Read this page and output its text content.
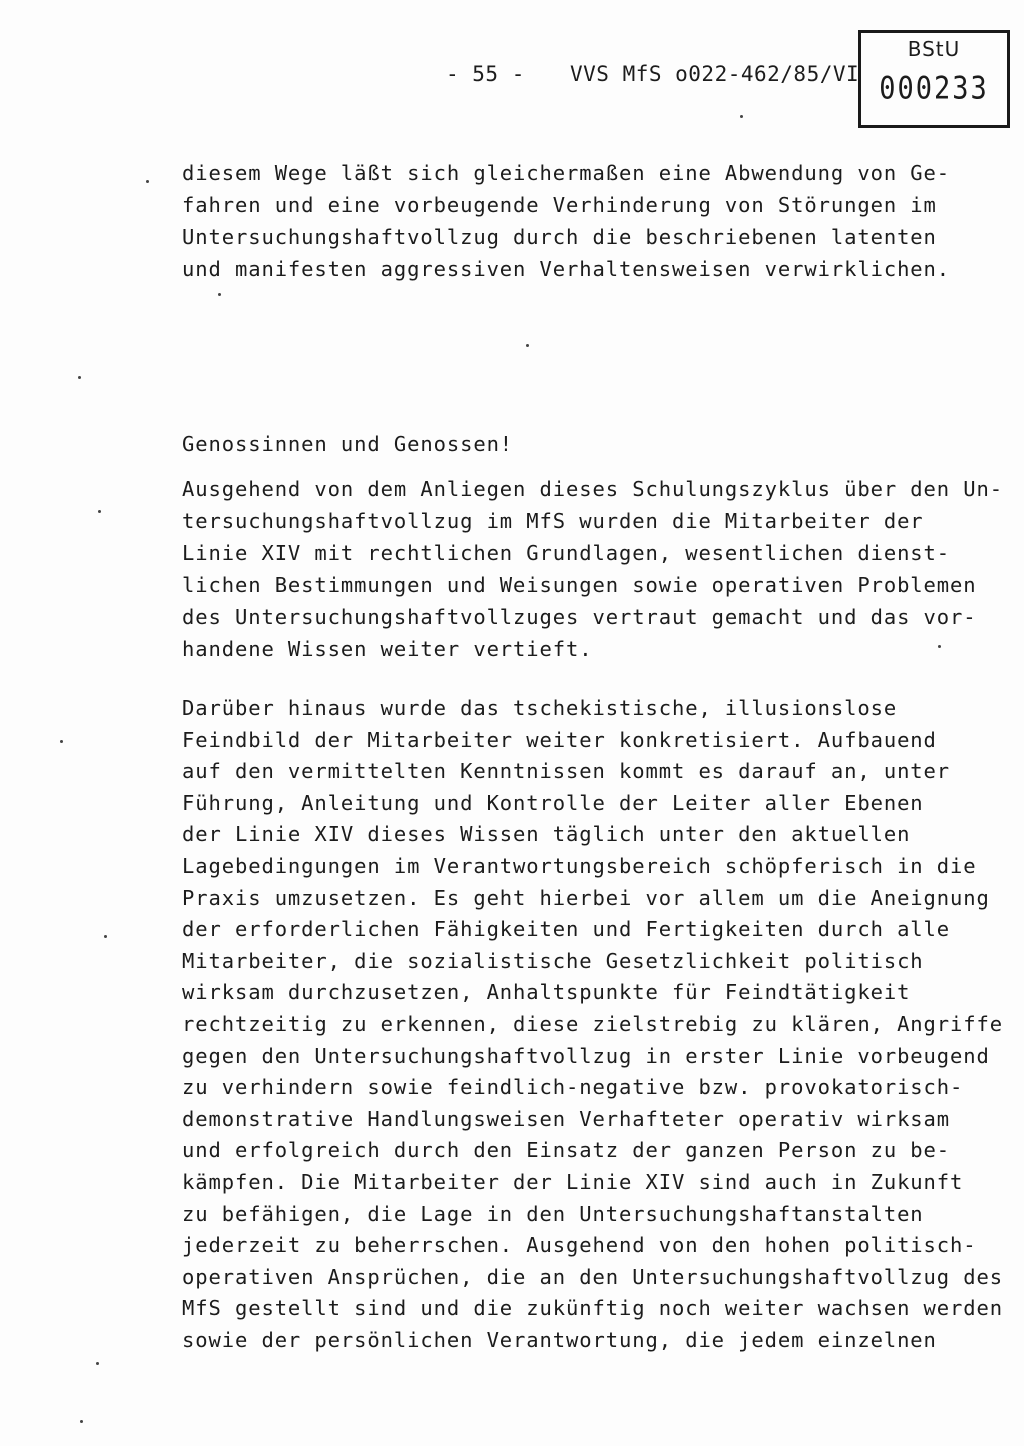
- 55 - VVS MfS o022-462/85/VI
BStU
000233
diesem Wege läßt sich gleichermaßen eine Abwendung von Ge-
fahren und eine vorbeugende Verhinderung von Störungen im
Untersuchungshaftvollzug durch die beschriebenen latenten
und manifesten aggressiven Verhaltensweisen verwirklichen.

Genossinnen und Genossen!

Ausgehend von dem Anliegen dieses Schulungszyklus über den Un-
tersuchungshaftvollzug im MfS wurden die Mitarbeiter der
Linie XIV mit rechtlichen Grundlagen, wesentlichen dienst-
lichen Bestimmungen und Weisungen sowie operativen Problemen
des Untersuchungshaftvollzuges vertraut gemacht und das vor-
handene Wissen weiter vertieft.
Darüber hinaus wurde das tschekistische, illusionslose
Feindbild der Mitarbeiter weiter konkretisiert. Aufbauend
auf den vermittelten Kenntnissen kommt es darauf an, unter
Führung, Anleitung und Kontrolle der Leiter aller Ebenen
der Linie XIV dieses Wissen täglich unter den aktuellen
Lagebedingungen im Verantwortungsbereich schöpferisch in die
Praxis umzusetzen. Es geht hierbei vor allem um die Aneignung
der erforderlichen Fähigkeiten und Fertigkeiten durch alle
Mitarbeiter, die sozialistische Gesetzlichkeit politisch
wirksam durchzusetzen, Anhaltspunkte für Feindtätigkeit
rechtzeitig zu erkennen, diese zielstrebig zu klären, Angriffe
gegen den Untersuchungshaftvollzug in erster Linie vorbeugend
zu verhindern sowie feindlich-negative bzw. provokatorisch-
demonstrative Handlungsweisen Verhafteter operativ wirksam
und erfolgreich durch den Einsatz der ganzen Person zu be-
kämpfen. Die Mitarbeiter der Linie XIV sind auch in Zukunft
zu befähigen, die Lage in den Untersuchungshaftanstalten
jederzeit zu beherrschen. Ausgehend von den hohen politisch-
operativen Ansprüchen, die an den Untersuchungshaftvollzug des
MfS gestellt sind und die zukünftig noch weiter wachsen werden
sowie der persönlichen Verantwortung, die jedem einzelnen
